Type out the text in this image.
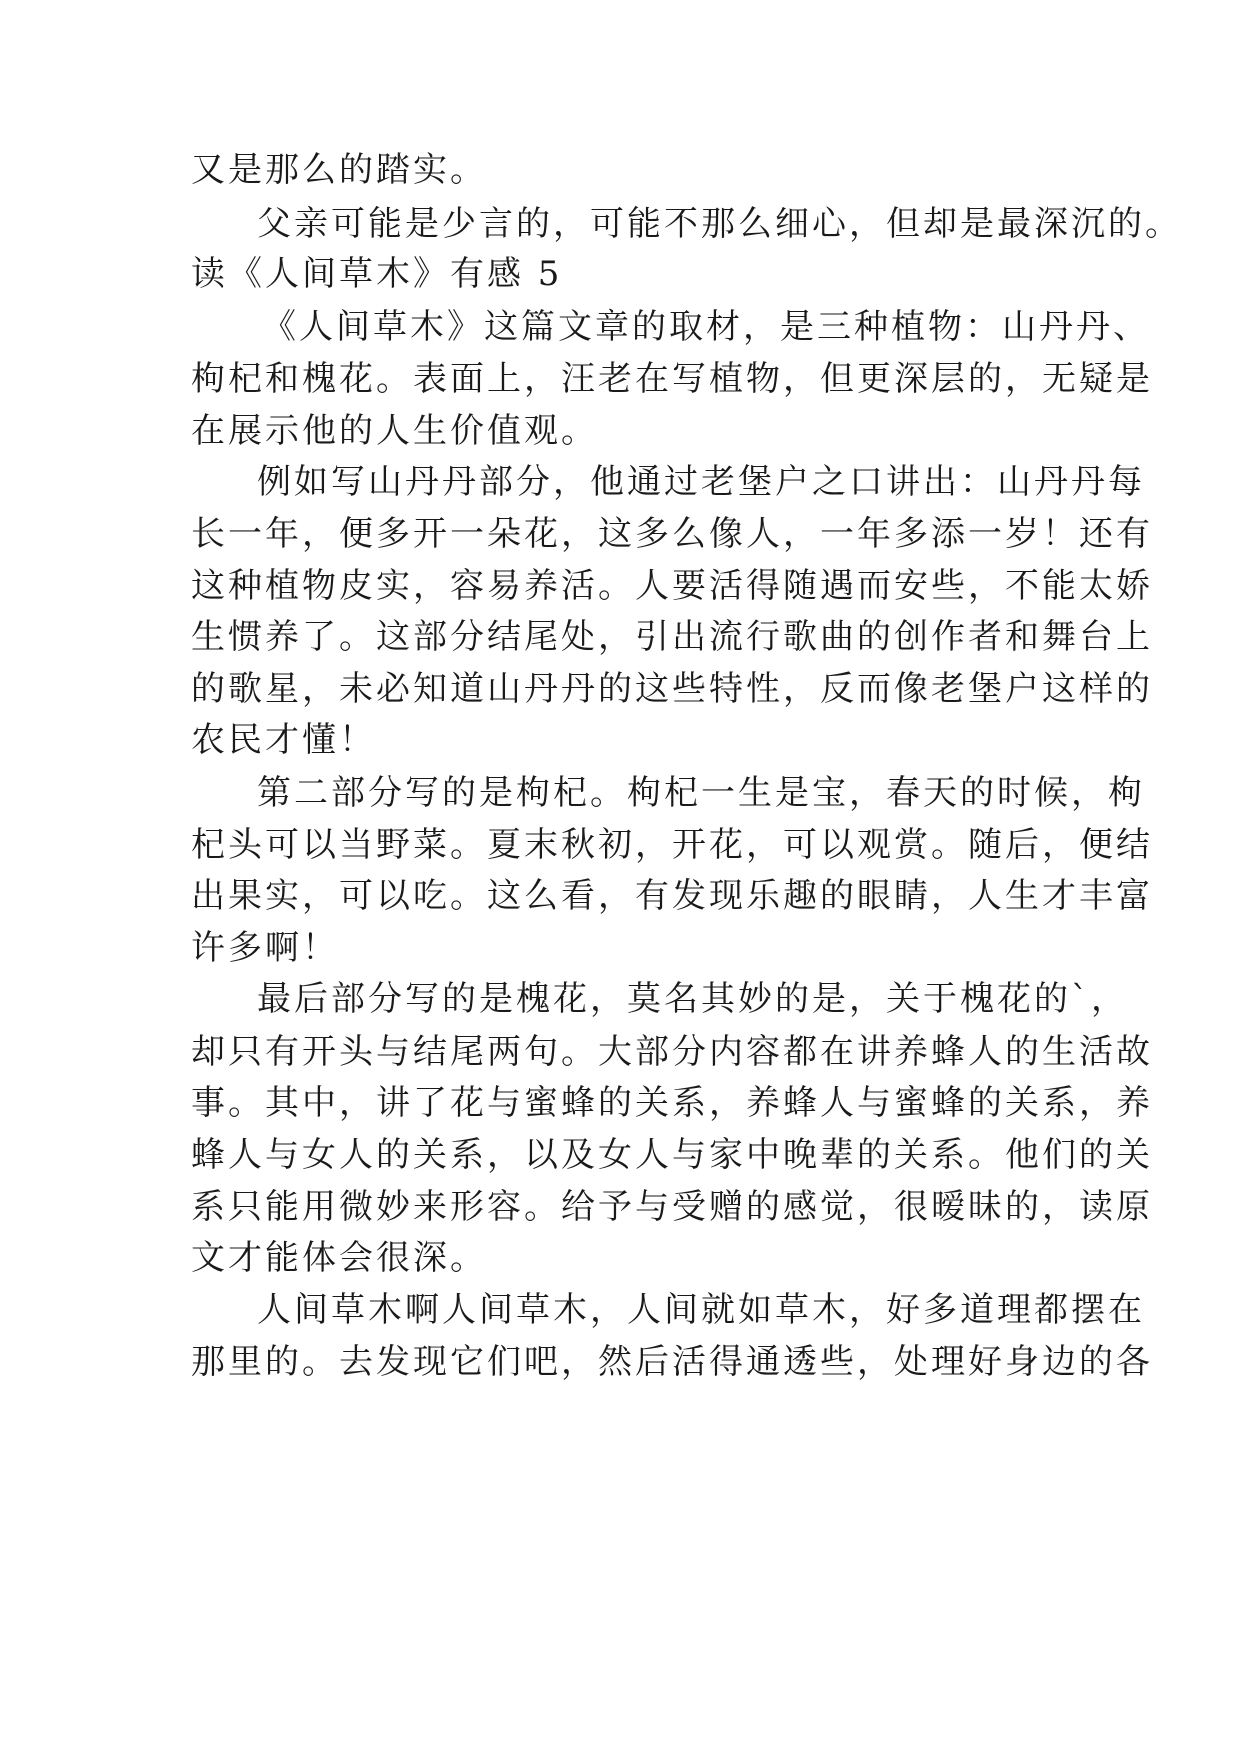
又是那么的踏实。
父亲可能是少言的，可能不那么细心，但却是最深沉的。
读《人间草木》有感 5
《人间草木》这篇文章的取材，是三种植物：山丹丹、
枸杞和槐花。表面上，汪老在写植物，但更深层的，无疑是
在展示他的人生价值观。
例如写山丹丹部分，他通过老堡户之口讲出：山丹丹每
长一年，便多开一朵花，这多么像人，一年多添一岁！还有
这种植物皮实，容易养活。人要活得随遇而安些，不能太娇
生惯养了。这部分结尾处，引出流行歌曲的创作者和舞台上
的歌星，未必知道山丹丹的这些特性，反而像老堡户这样的
农民才懂！
第二部分写的是枸杞。枸杞一生是宝，春天的时候，枸
杞头可以当野菜。夏末秋初，开花，可以观赏。随后，便结
出果实，可以吃。这么看，有发现乐趣的眼睛，人生才丰富
许多啊！
最后部分写的是槐花，莫名其妙的是，关于槐花的`，
却只有开头与结尾两句。大部分内容都在讲养蜂人的生活故
事。其中，讲了花与蜜蜂的关系，养蜂人与蜜蜂的关系，养
蜂人与女人的关系，以及女人与家中晚辈的关系。他们的关
系只能用微妙来形容。给予与受赠的感觉，很暧昧的，读原
文才能体会很深。
人间草木啊人间草木，人间就如草木，好多道理都摆在
那里的。去发现它们吧，然后活得通透些，处理好身边的各
